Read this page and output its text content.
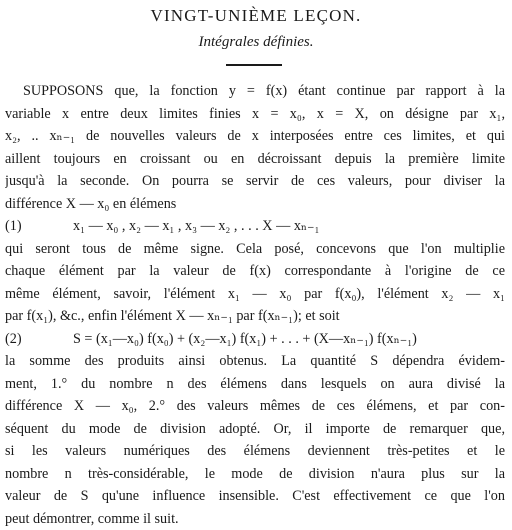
VINGT-UNIÈME LEÇON.
Intégrales définies.
SUPPOSONS que, la fonction y = f(x) étant continue par rapport à la
variable x entre deux limites finies x = x₀, x = X, on désigne par x₁,
x₂, .. xₙ₋₁ de nouvelles valeurs de x interposées entre ces limites, et qui
aillent toujours en croissant ou en décroissant depuis la première limite
jusqu'à la seconde. On pourra se servir de ces valeurs, pour diviser la
différence X — x₀ en élémens
(1)	x₁ — x₀ , x₂ — x₁ , x₃ — x₂ , . . . X — xₙ₋₁
qui seront tous de même signe. Cela posé, concevons que l'on multiplie
chaque élément par la valeur de f(x) correspondante à l'origine de ce
même élément, savoir, l'élément x₁ — x₀ par f(x₀), l'élément x₂ — x₁
par f(x₁), &c., enfin l'élément X — xₙ₋₁ par f(xₙ₋₁); et soit
(2)	S = (x₁—x₀) f(x₀) + (x₂—x₁) f(x₁) + . . . + (X—xₙ₋₁) f(xₙ₋₁)
la somme des produits ainsi obtenus. La quantité S dépendra évidem-
ment, 1.° du nombre n des élémens dans lesquels on aura divisé la
différence X — x₀, 2.° des valeurs mêmes de ces élémens, et par con-
séquent du mode de division adopté. Or, il importe de remarquer que,
si les valeurs numériques des élémens deviennent très-petites et le
nombre n très-considérable, le mode de division n'aura plus sur la
valeur de S qu'une influence insensible. C'est effectivement ce que l'on
peut démontrer, comme il suit.
